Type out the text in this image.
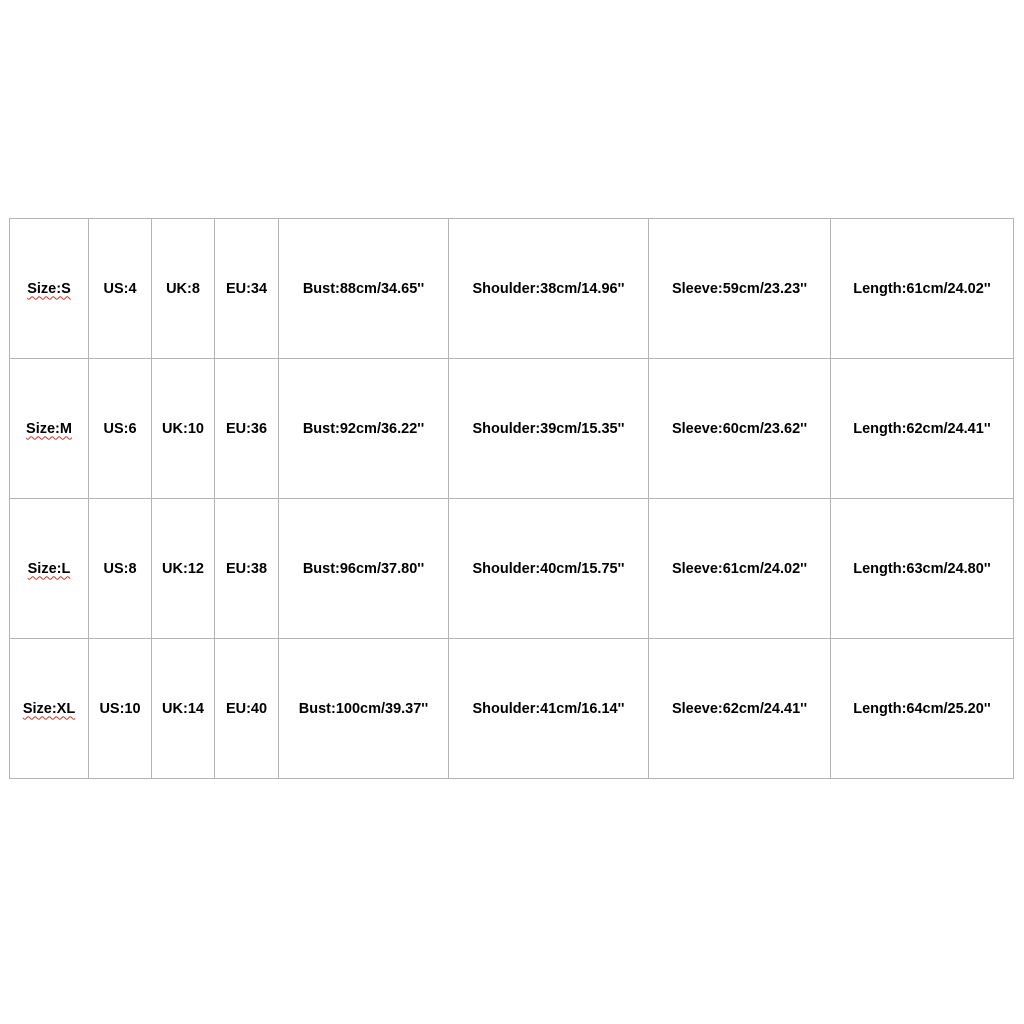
Size:S	US:4	UK:8	EU:34	Bust:88cm/34.65''	Shoulder:38cm/14.96''	Sleeve:59cm/23.23''	Length:61cm/24.02''
Size:M	US:6	UK:10	EU:36	Bust:92cm/36.22''	Shoulder:39cm/15.35''	Sleeve:60cm/23.62''	Length:62cm/24.41''
Size:L	US:8	UK:12	EU:38	Bust:96cm/37.80''	Shoulder:40cm/15.75''	Sleeve:61cm/24.02''	Length:63cm/24.80''
Size:XL	US:10	UK:14	EU:40	Bust:100cm/39.37''	Shoulder:41cm/16.14''	Sleeve:62cm/24.41''	Length:64cm/25.20''
